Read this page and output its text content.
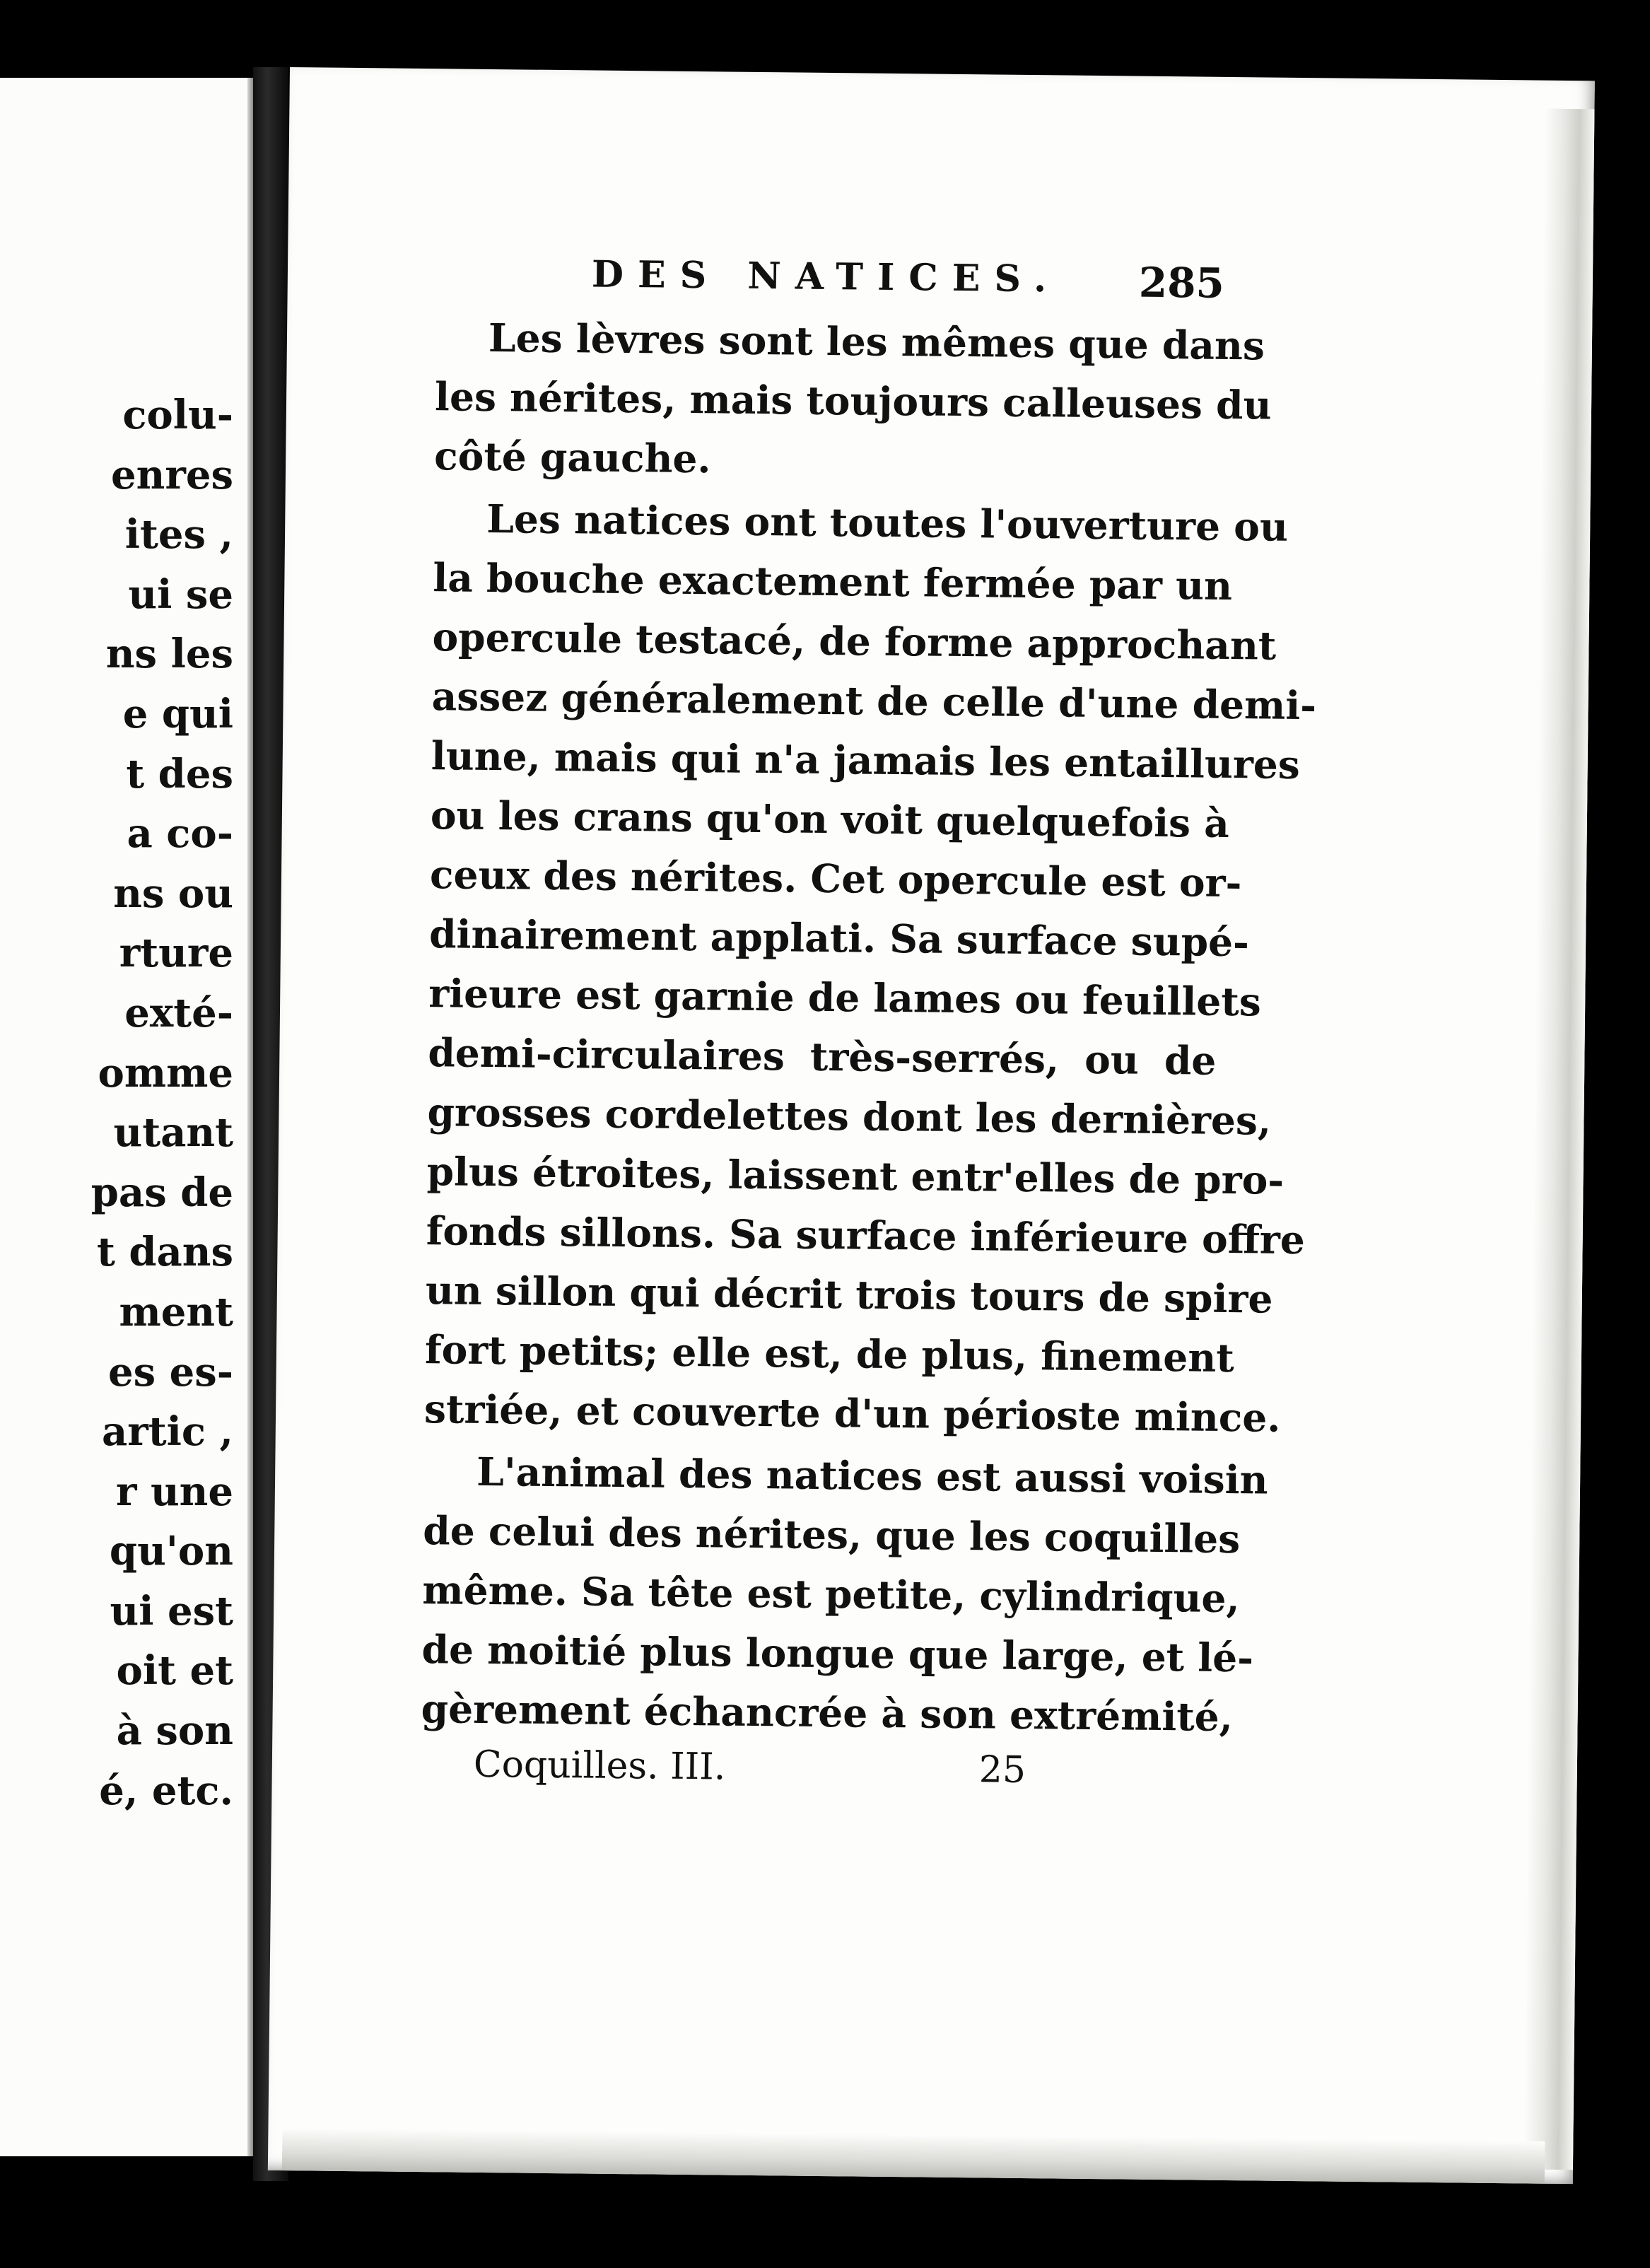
colu-
enres
ites ,
ui se
ns les
e qui
t des
a co-
ns ou
rture
exté-
omme
utant
pas de
t dans
ment
es es-
artic ,
r une
qu'on
ui est
oit et
à son
é, etc.
DES NATICES. 285

Les lèvres sont les mêmes que dans
les nérites, mais toujours calleuses du
côté gauche.

Les natices ont toutes l'ouverture ou
la bouche exactement fermée par un
opercule testacé, de forme approchant
assez généralement de celle d'une demi-
lune, mais qui n'a jamais les entaillures
ou les crans qu'on voit quelquefois à
ceux des nérites. Cet opercule est or-
dinairement applati. Sa surface supé-
rieure est garnie de lames ou feuillets
demi-circulaires très-serrés, ou de
grosses cordelettes dont les dernières,
plus étroites, laissent entr'elles de pro-
fonds sillons. Sa surface inférieure offre
un sillon qui décrit trois tours de spire
fort petits; elle est, de plus, finement
striée, et couverte d'un périoste mince.

L'animal des natices est aussi voisin
de celui des nérites, que les coquilles
même. Sa tête est petite, cylindrique,
de moitié plus longue que large, et lé-
gèrement échancrée à son extrémité,

Coquilles. III.	25
